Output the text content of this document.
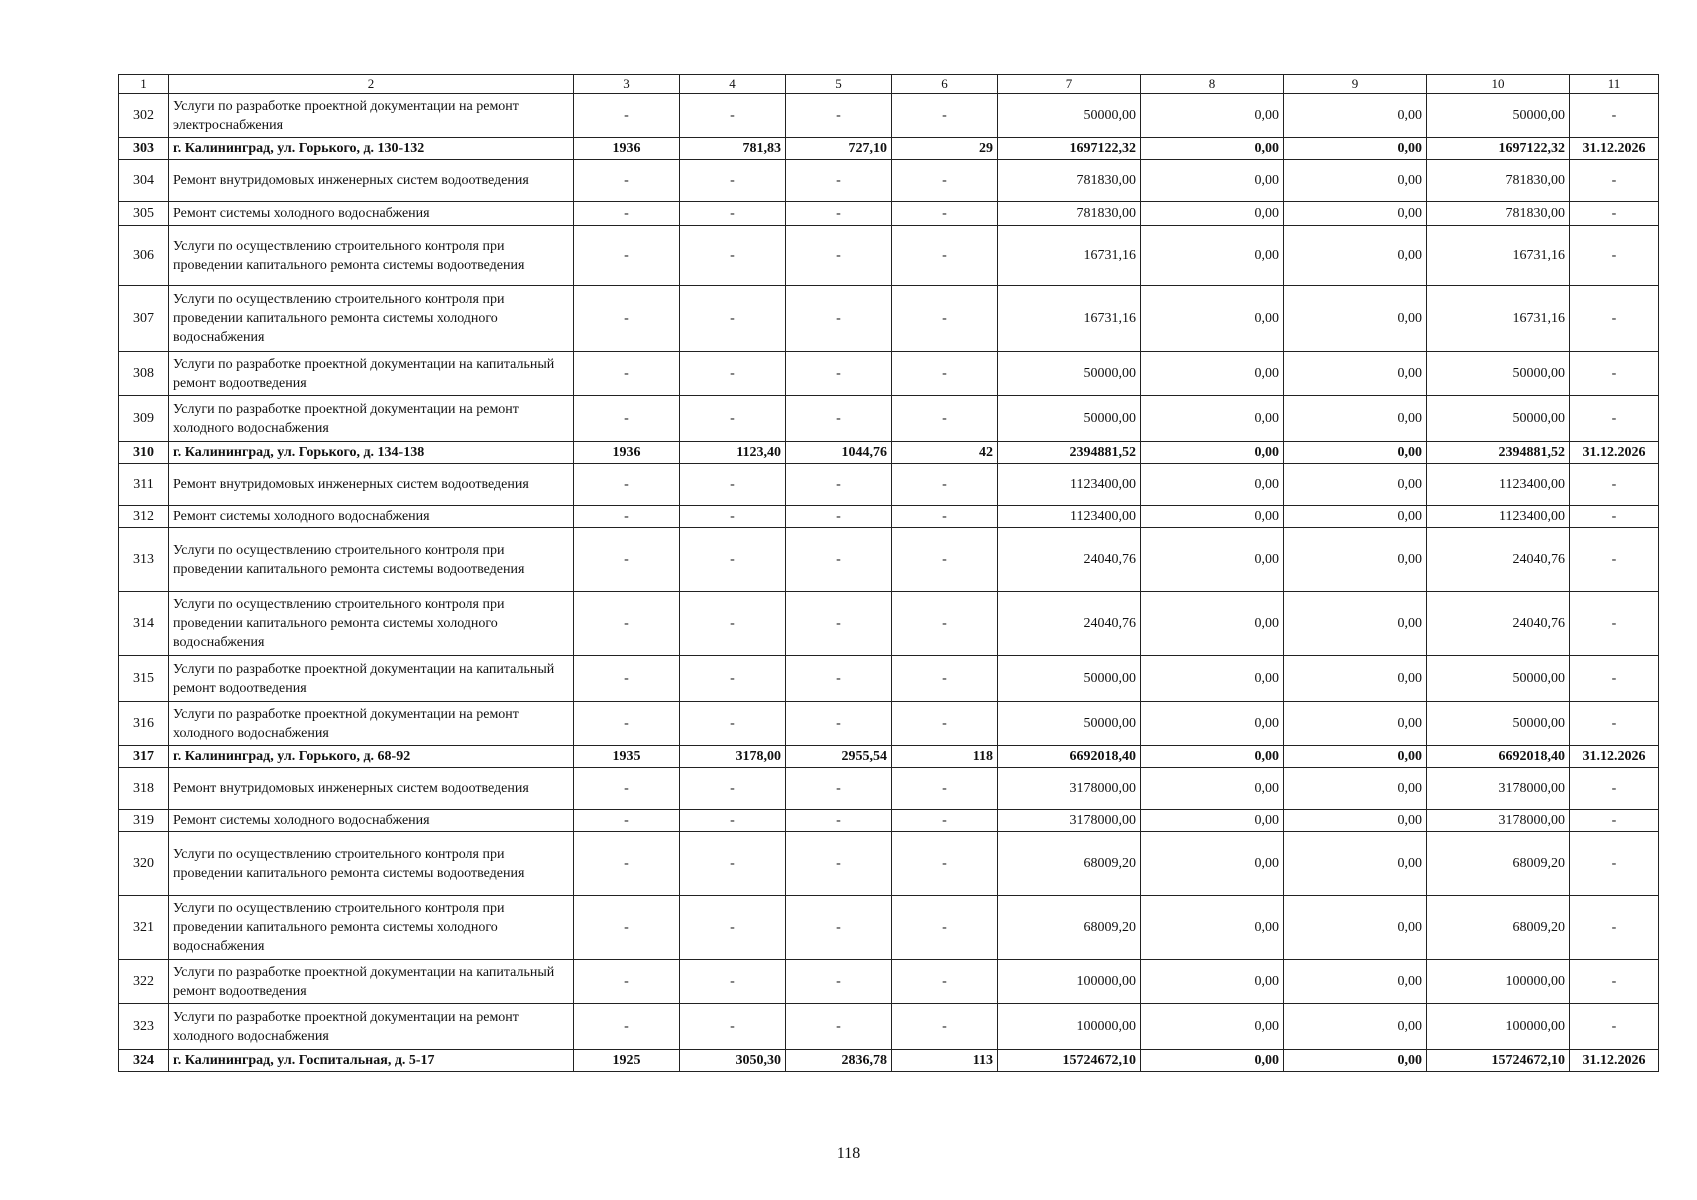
1	2	3	4	5	6	7	8	9	10	11
302	Услуги по разработке проектной документации на ремонт электроснабжения	-	-	-	-	50000,00	0,00	0,00	50000,00	-
303	г. Калининград, ул. Горького, д. 130-132	1936	781,83	727,10	29	1697122,32	0,00	0,00	1697122,32	31.12.2026
304	Ремонт внутридомовых инженерных систем водоотведения	-	-	-	-	781830,00	0,00	0,00	781830,00	-
305	Ремонт системы холодного водоснабжения	-	-	-	-	781830,00	0,00	0,00	781830,00	-
306	Услуги по осуществлению строительного контроля при проведении капитального ремонта системы водоотведения	-	-	-	-	16731,16	0,00	0,00	16731,16	-
307	Услуги по осуществлению строительного контроля при проведении капитального ремонта системы холодного водоснабжения	-	-	-	-	16731,16	0,00	0,00	16731,16	-
308	Услуги по разработке проектной документации на капитальный ремонт водоотведения	-	-	-	-	50000,00	0,00	0,00	50000,00	-
309	Услуги по разработке проектной документации на ремонт холодного водоснабжения	-	-	-	-	50000,00	0,00	0,00	50000,00	-
310	г. Калининград, ул. Горького, д. 134-138	1936	1123,40	1044,76	42	2394881,52	0,00	0,00	2394881,52	31.12.2026
311	Ремонт внутридомовых инженерных систем водоотведения	-	-	-	-	1123400,00	0,00	0,00	1123400,00	-
312	Ремонт системы холодного водоснабжения	-	-	-	-	1123400,00	0,00	0,00	1123400,00	-
313	Услуги по осуществлению строительного контроля при проведении капитального ремонта системы водоотведения	-	-	-	-	24040,76	0,00	0,00	24040,76	-
314	Услуги по осуществлению строительного контроля при проведении капитального ремонта системы холодного водоснабжения	-	-	-	-	24040,76	0,00	0,00	24040,76	-
315	Услуги по разработке проектной документации на капитальный ремонт водоотведения	-	-	-	-	50000,00	0,00	0,00	50000,00	-
316	Услуги по разработке проектной документации на ремонт холодного водоснабжения	-	-	-	-	50000,00	0,00	0,00	50000,00	-
317	г. Калининград, ул. Горького, д. 68-92	1935	3178,00	2955,54	118	6692018,40	0,00	0,00	6692018,40	31.12.2026
318	Ремонт внутридомовых инженерных систем водоотведения	-	-	-	-	3178000,00	0,00	0,00	3178000,00	-
319	Ремонт системы холодного водоснабжения	-	-	-	-	3178000,00	0,00	0,00	3178000,00	-
320	Услуги по осуществлению строительного контроля при проведении капитального ремонта системы водоотведения	-	-	-	-	68009,20	0,00	0,00	68009,20	-
321	Услуги по осуществлению строительного контроля при проведении капитального ремонта системы холодного водоснабжения	-	-	-	-	68009,20	0,00	0,00	68009,20	-
322	Услуги по разработке проектной документации на капитальный ремонт водоотведения	-	-	-	-	100000,00	0,00	0,00	100000,00	-
323	Услуги по разработке проектной документации на ремонт холодного водоснабжения	-	-	-	-	100000,00	0,00	0,00	100000,00	-
324	г. Калининград, ул. Госпитальная, д. 5-17	1925	3050,30	2836,78	113	15724672,10	0,00	0,00	15724672,10	31.12.2026
118
